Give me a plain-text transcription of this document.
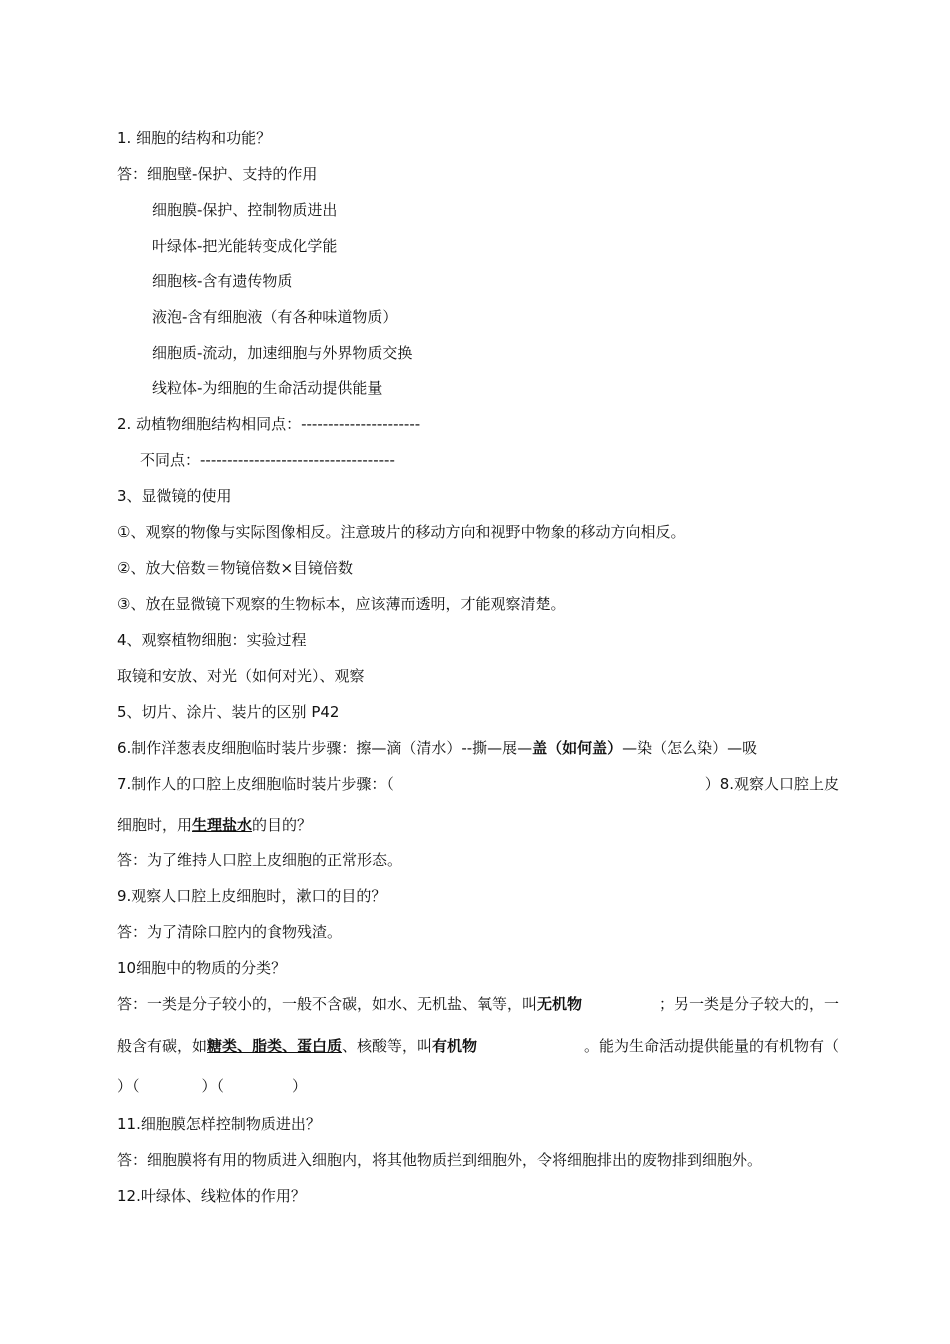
1. 细胞的结构和功能？
答：细胞壁-保护、支持的作用
细胞膜-保护、控制物质进出
叶绿体-把光能转变成化学能
细胞核-含有遗传物质
液泡-含有细胞液（有各种味道物质）
细胞质-流动，加速细胞与外界物质交换
线粒体-为细胞的生命活动提供能量
2. 动植物细胞结构相同点：----------------------
不同点：------------------------------------
3、显微镜的使用
①、观察的物像与实际图像相反。注意玻片的移动方向和视野中物象的移动方向相反。
②、放大倍数＝物镜倍数×目镜倍数
③、放在显微镜下观察的生物标本，应该薄而透明，才能观察清楚。
4、观察植物细胞：实验过程
取镜和安放、对光（如何对光）、观察
5、切片、涂片、装片的区别 P42
6.制作洋葱表皮细胞临时装片步骤：擦—滴（清水）--撕—展—盖（如何盖）—染（怎么染）—吸
7.制作人的口腔上皮细胞临时装片步骤：（	）8.观察人口腔上皮
细胞时，用生理盐水的目的？
答：为了维持人口腔上皮细胞的正常形态。
9.观察人口腔上皮细胞时，漱口的目的？
答：为了清除口腔内的食物残渣。
10细胞中的物质的分类？
答：一类是分子较小的，一般不含碳，如水、无机盐、氧等，叫无机物	；另一类是分子较大的，一
般含有碳，如糖类、脂类、蛋白质、核酸等，叫有机物	。能为生命活动提供能量的有机物有（
）（	）（	）
11.细胞膜怎样控制物质进出？
答：细胞膜将有用的物质进入细胞内，将其他物质拦到细胞外，令将细胞排出的废物排到细胞外。
12.叶绿体、线粒体的作用？
